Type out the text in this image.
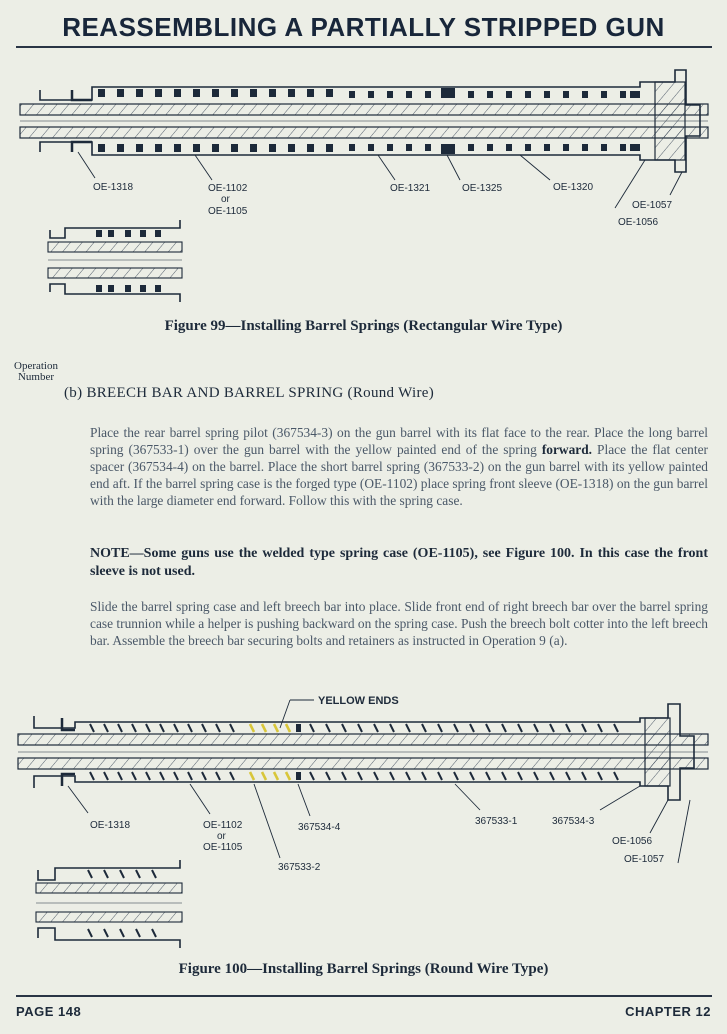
REASSEMBLING A PARTIALLY STRIPPED GUN
OE-1318	OE-1102
or
OE-1105
OE-1321	OE-1325	OE-1320
OE-1057
OE-1056
Figure 99—Installing Barrel Springs (Rectangular Wire Type)
Operation
Number
(b) BREECH BAR AND BARREL SPRING (Round Wire)
Place the rear barrel spring pilot (367534-3) on the gun barrel with its flat face to the rear. Place the long barrel spring (367533-1) over the gun barrel with the yellow painted end of the spring forward. Place the flat center spacer (367534-4) on the barrel. Place the short barrel spring (367533-2) on the gun barrel with its yellow painted end aft. If the barrel spring case is the forged type (OE-1102) place spring front sleeve (OE-1318) on the gun barrel with the large diameter end forward. Follow this with the spring case.
NOTE—Some guns use the welded type spring case (OE-1105), see Figure 100. In this case the front sleeve is not used.
Slide the barrel spring case and left breech bar into place. Slide front end of right breech bar over the barrel spring case trunnion while a helper is pushing backward on the spring case. Push the breech bolt cotter into the left breech bar. Assemble the breech bar securing bolts and retainers as instructed in Operation 9 (a).
YELLOW ENDS
OE-1318	OE-1102
or
OE-1105
367534-4
367533-2
367533-1	367534-3
OE-1056
OE-1057
Figure 100—Installing Barrel Springs (Round Wire Type)
PAGE 148	CHAPTER 12
